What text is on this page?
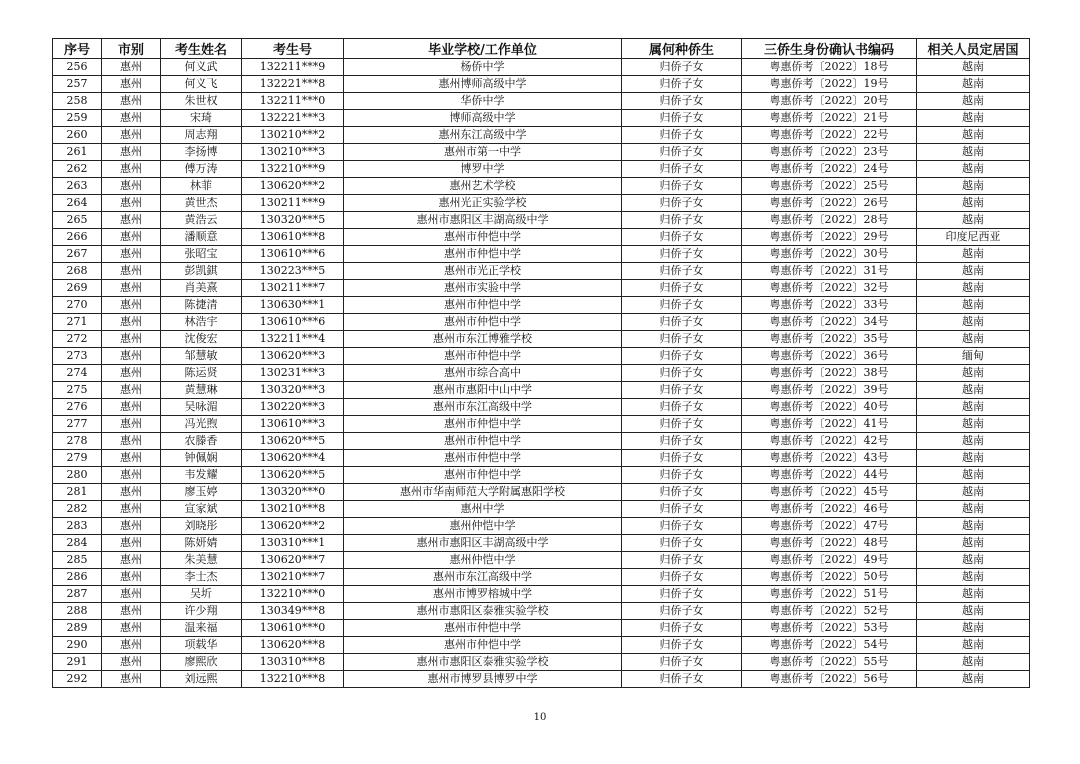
序号	市别	考生姓名	考生号	毕业学校/工作单位	属何种侨生	三侨生身份确认书编码	相关人员定居国
256	惠州	何义武	132211***9	杨侨中学	归侨子女	粤惠侨考〔2022〕18号	越南
257	惠州	何义飞	132221***8	惠州博师高级中学	归侨子女	粤惠侨考〔2022〕19号	越南
258	惠州	朱世权	132211***0	华侨中学	归侨子女	粤惠侨考〔2022〕20号	越南
259	惠州	宋琦	132221***3	博师高级中学	归侨子女	粤惠侨考〔2022〕21号	越南
260	惠州	周志翔	130210***2	惠州东江高级中学	归侨子女	粤惠侨考〔2022〕22号	越南
261	惠州	李扬博	130210***3	惠州市第一中学	归侨子女	粤惠侨考〔2022〕23号	越南
262	惠州	傅万涛	132210***9	博罗中学	归侨子女	粤惠侨考〔2022〕24号	越南
263	惠州	林菲	130620***2	惠州艺术学校	归侨子女	粤惠侨考〔2022〕25号	越南
264	惠州	黄世杰	130211***9	惠州光正实验学校	归侨子女	粤惠侨考〔2022〕26号	越南
265	惠州	黄浩云	130320***5	惠州市惠阳区丰湖高级中学	归侨子女	粤惠侨考〔2022〕28号	越南
266	惠州	潘顺意	130610***8	惠州市仲恺中学	归侨子女	粤惠侨考〔2022〕29号	印度尼西亚
267	惠州	张昭宝	130610***6	惠州市仲恺中学	归侨子女	粤惠侨考〔2022〕30号	越南
268	惠州	彭凯錤	130223***5	惠州市光正学校	归侨子女	粤惠侨考〔2022〕31号	越南
269	惠州	肖美熹	130211***7	惠州市实验中学	归侨子女	粤惠侨考〔2022〕32号	越南
270	惠州	陈捷清	130630***1	惠州市仲恺中学	归侨子女	粤惠侨考〔2022〕33号	越南
271	惠州	林浩宇	130610***6	惠州市仲恺中学	归侨子女	粤惠侨考〔2022〕34号	越南
272	惠州	沈俊宏	132211***4	惠州市东江博雅学校	归侨子女	粤惠侨考〔2022〕35号	越南
273	惠州	邹慧敏	130620***3	惠州市仲恺中学	归侨子女	粤惠侨考〔2022〕36号	缅甸
274	惠州	陈运贤	130231***3	惠州市综合高中	归侨子女	粤惠侨考〔2022〕38号	越南
275	惠州	黄慧琳	130320***3	惠州市惠阳中山中学	归侨子女	粤惠侨考〔2022〕39号	越南
276	惠州	吴咏湄	130220***3	惠州市东江高级中学	归侨子女	粤惠侨考〔2022〕40号	越南
277	惠州	冯光煦	130610***3	惠州市仲恺中学	归侨子女	粤惠侨考〔2022〕41号	越南
278	惠州	农滕香	130620***5	惠州市仲恺中学	归侨子女	粤惠侨考〔2022〕42号	越南
279	惠州	钟佩娴	130620***4	惠州市仲恺中学	归侨子女	粤惠侨考〔2022〕43号	越南
280	惠州	韦发耀	130620***5	惠州市仲恺中学	归侨子女	粤惠侨考〔2022〕44号	越南
281	惠州	廖玉婷	130320***0	惠州市华南师范大学附属惠阳学校	归侨子女	粤惠侨考〔2022〕45号	越南
282	惠州	宣家斌	130210***8	惠州中学	归侨子女	粤惠侨考〔2022〕46号	越南
283	惠州	刘晓彤	130620***2	惠州仲恺中学	归侨子女	粤惠侨考〔2022〕47号	越南
284	惠州	陈妍婧	130310***1	惠州市惠阳区丰湖高级中学	归侨子女	粤惠侨考〔2022〕48号	越南
285	惠州	朱美慧	130620***7	惠州仲恺中学	归侨子女	粤惠侨考〔2022〕49号	越南
286	惠州	李士杰	130210***7	惠州市东江高级中学	归侨子女	粤惠侨考〔2022〕50号	越南
287	惠州	吴圻	132210***0	惠州市博罗榕城中学	归侨子女	粤惠侨考〔2022〕51号	越南
288	惠州	许少翔	130349***8	惠州市惠阳区泰雅实验学校	归侨子女	粤惠侨考〔2022〕52号	越南
289	惠州	温来福	130610***0	惠州市仲恺中学	归侨子女	粤惠侨考〔2022〕53号	越南
290	惠州	项载华	130620***8	惠州市仲恺中学	归侨子女	粤惠侨考〔2022〕54号	越南
291	惠州	廖熙欣	130310***8	惠州市惠阳区泰雅实验学校	归侨子女	粤惠侨考〔2022〕55号	越南
292	惠州	刘远熙	132210***8	惠州市博罗县博罗中学	归侨子女	粤惠侨考〔2022〕56号	越南
10
